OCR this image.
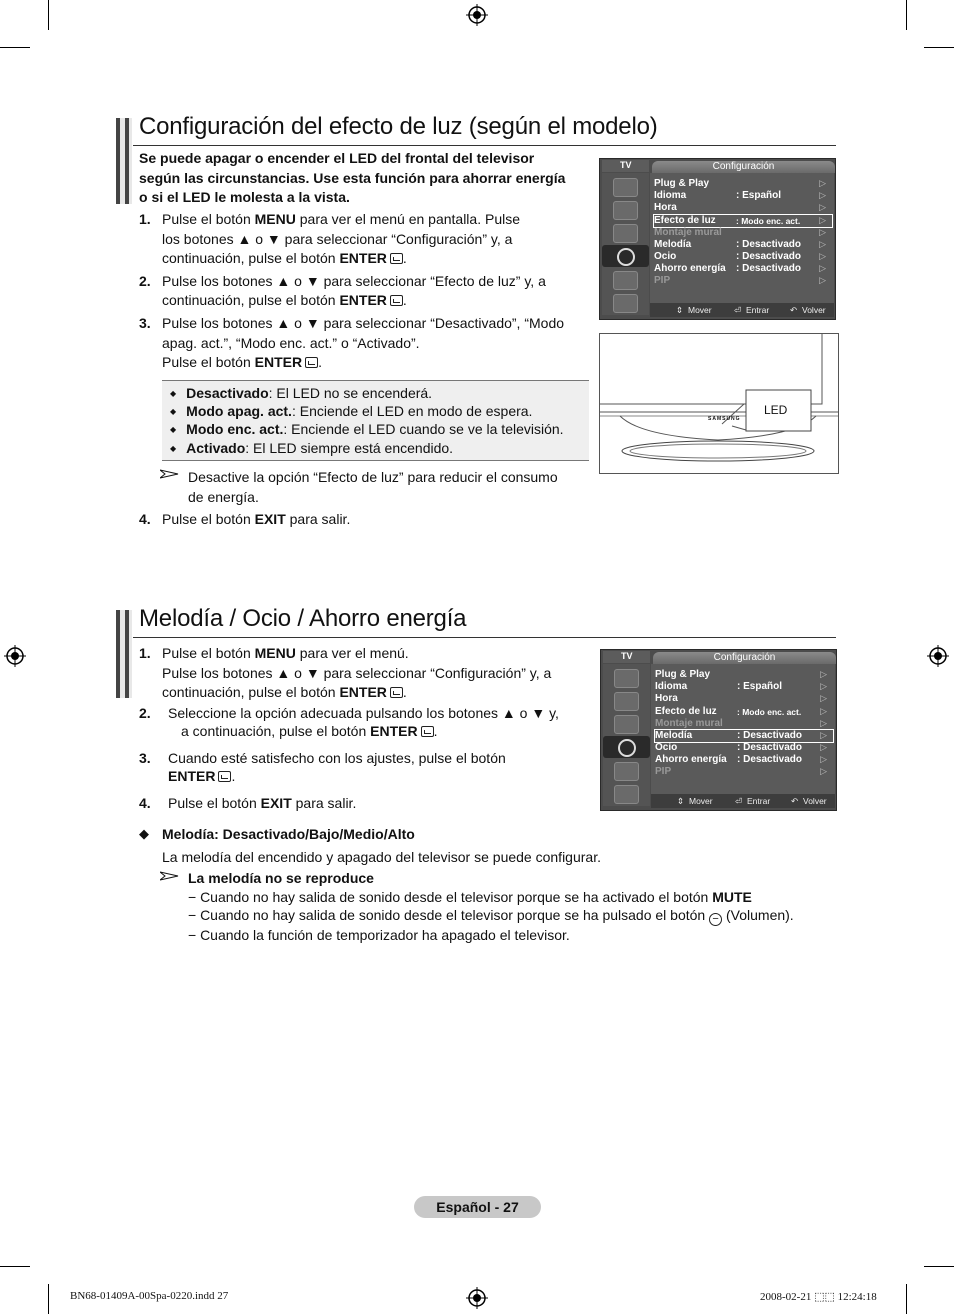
Configuración del efecto de luz (según el modelo)
Se puede apagar o encender el LED del frontal del televisor
según las circunstancias. Use esta función para ahorrar energía
o si el LED le molesta a la vista.
1. Pulse el botón MENU para ver el menú en pantalla. Pulse
los botones ▲ o ▼ para seleccionar “Configuración” y, a
continuación, pulse el botón ENTER .
2. Pulse los botones ▲ o ▼ para seleccionar “Efecto de luz” y, a
continuación, pulse el botón ENTER .
3. Pulse los botones ▲ o ▼ para seleccionar “Desactivado”, “Modo
apag. act.”, “Modo enc. act.” o “Activado”.
Pulse el botón ENTER .
◆ Desactivado: El LED no se encenderá.
◆ Modo apag. act.: Enciende el LED en modo de espera.
◆ Modo enc. act.: Enciende el LED cuando se ve la televisión.
◆ Activado: El LED siempre está encendido.
Desactive la opción “Efecto de luz” para reducir el consumo
de energía.
4. Pulse el botón EXIT para salir.
TV	Configuración
Plug & Play	▷
Idioma	: Español	▷
Hora	▷
Efecto de luz : Modo enc. act. ▷
Montaje mural	▷
Melodía	: Desactivado ▷
Ocio	: Desactivado ▷
Ahorro energía : Desactivado ▷
PIP	▷
⇕ Mover	⏎ Entrar ↶ Volver
SAMSUNG
LED
Melodía / Ocio / Ahorro energía
1. Pulse el botón MENU para ver el menú.
Pulse los botones ▲ o ▼ para seleccionar “Configuración” y, a
continuación, pulse el botón ENTER .
2. Seleccione la opción adecuada pulsando los botones ▲ o ▼ y,
a continuación, pulse el botón ENTER .
3. Cuando esté satisfecho con los ajustes, pulse el botón
ENTER .
4. Pulse el botón EXIT para salir.
TV	Configuración
Plug & Play	▷
Idioma	: Español	▷
Hora	▷
Efecto de luz : Modo enc. act. ▷
Montaje mural	▷
Melodía	: Desactivado ▷
Ocio	: Desactivado ▷
Ahorro energía : Desactivado ▷
PIP	▷
⇕ Mover	⏎ Entrar ↶ Volver
◆ Melodía: Desactivado/Bajo/Medio/Alto
La melodía del encendido y apagado del televisor se puede configurar.
La melodía no se reproduce
− Cuando no hay salida de sonido desde el televisor porque se ha activado el botón MUTE
− Cuando no hay salida de sonido desde el televisor porque se ha pulsado el botón − (Volumen).
− Cuando la función de temporizador ha apagado el televisor.
Español - 27
BN68-01409A-00Spa-0220.indd 27	2008-02-21 ⬚⬚ 12:24:18
